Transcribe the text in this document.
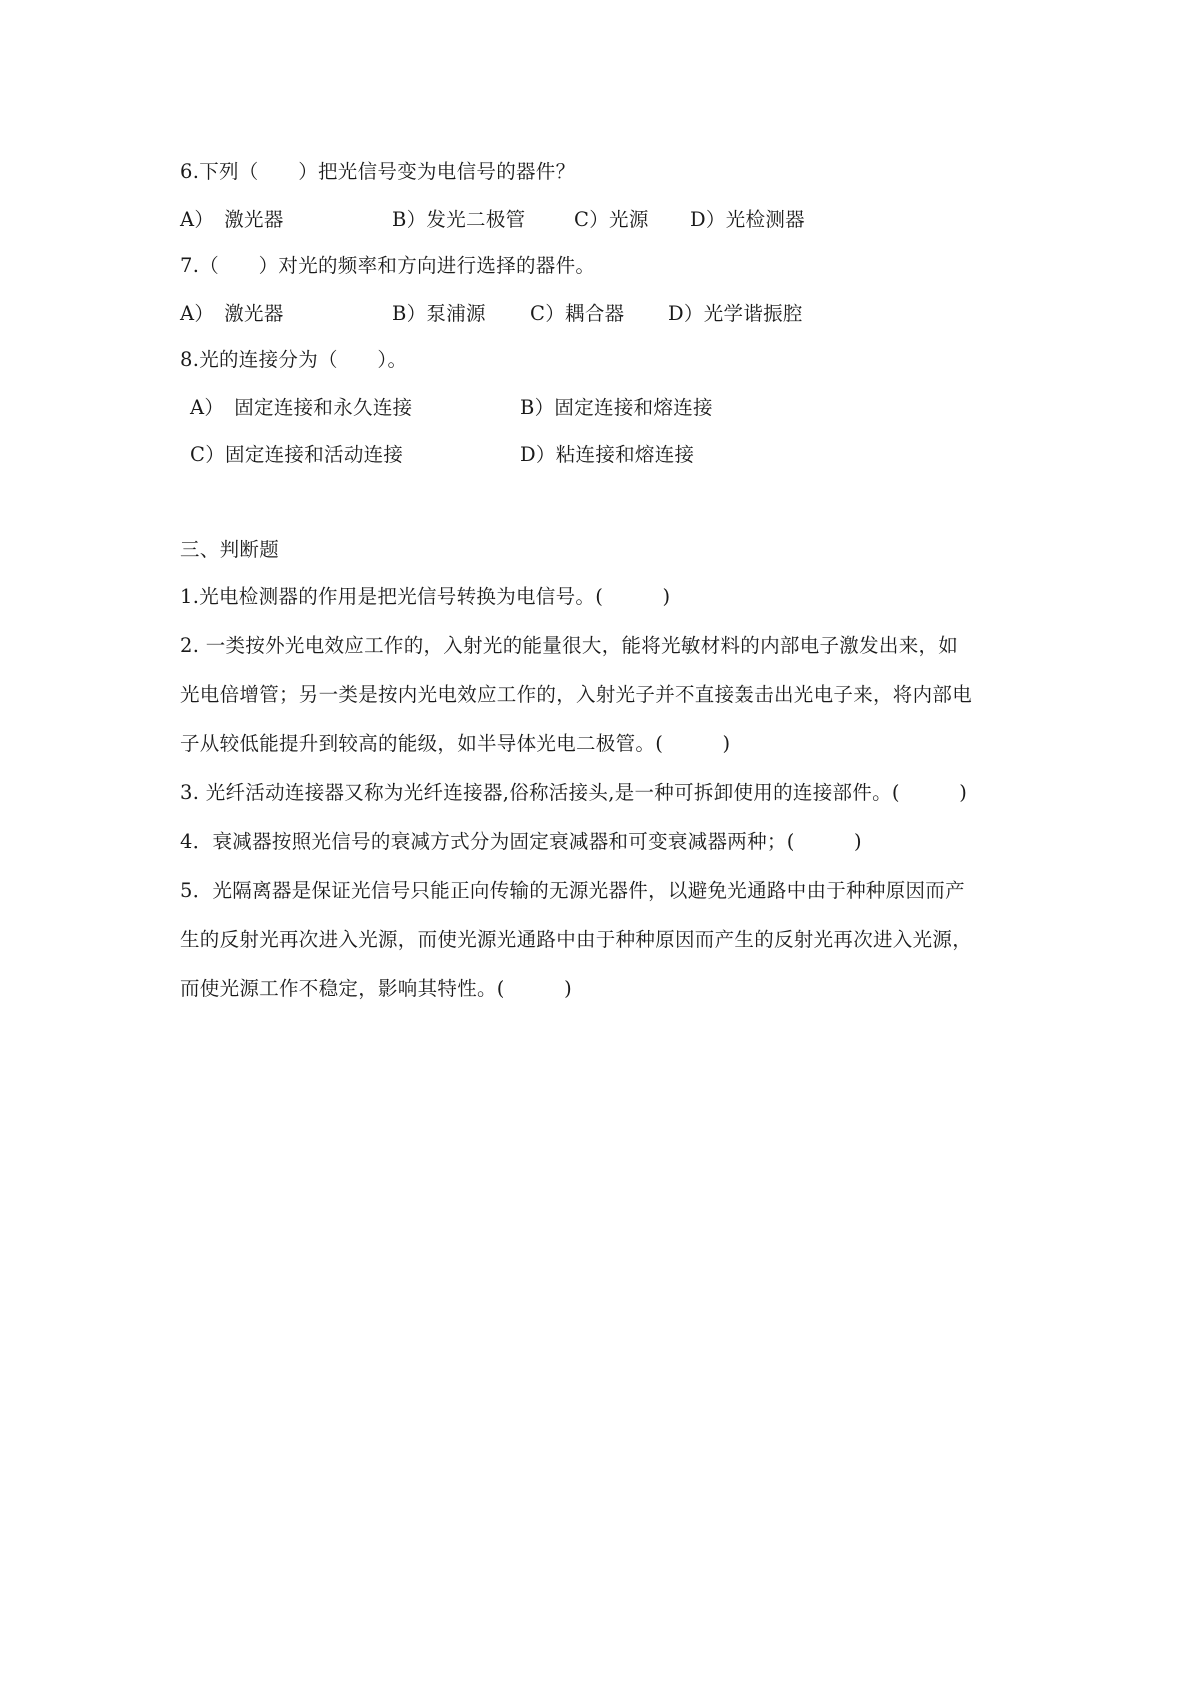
6.下列（　　）把光信号变为电信号的器件？
A）　激光器	B）发光二极管 C）光源 D）光检测器
7.（　　）对光的频率和方向进行选择的器件。
A）　激光器	B）泵浦源 C）耦合器 D）光学谐振腔
8.光的连接分为（　　）。
A）　固定连接和永久连接	B）固定连接和熔连接
C）固定连接和活动连接	D）粘连接和熔连接
三、判断题
1.光电检测器的作用是把光信号转换为电信号。(　　　)
2. 一类按外光电效应工作的，入射光的能量很大，能将光敏材料的内部电子激发出来，如
光电倍增管；另一类是按内光电效应工作的，入射光子并不直接轰击出光电子来，将内部电
子从较低能提升到较高的能级，如半导体光电二极管。(　　　)
3. 光纤活动连接器又称为光纤连接器,俗称活接头,是一种可拆卸使用的连接部件。(　　　)
4．衰减器按照光信号的衰减方式分为固定衰减器和可变衰减器两种；(　　　)
5．光隔离器是保证光信号只能正向传输的无源光器件，以避免光通路中由于种种原因而产
生的反射光再次进入光源，而使光源光通路中由于种种原因而产生的反射光再次进入光源，
而使光源工作不稳定，影响其特性。(　　　)
